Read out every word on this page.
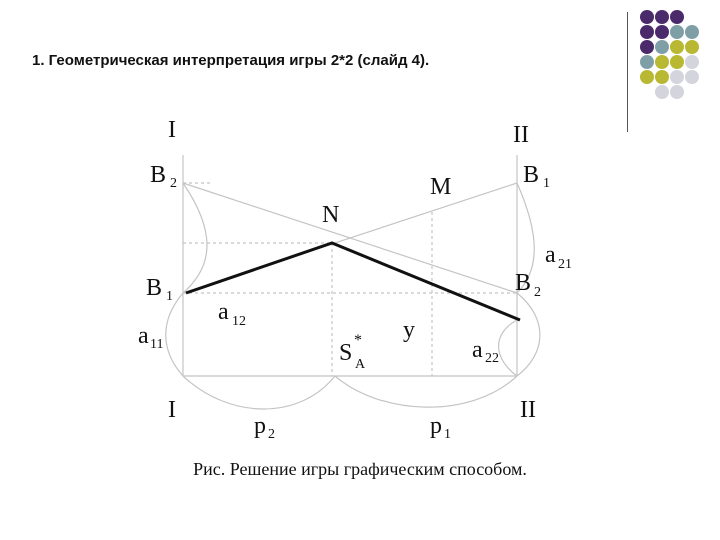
1. Геометрическая интерпретация игры 2*2 (слайд 4).
I	II
I	II
B 2
B 1
B 1
B 2
M
N
y
a 11
a 12
a 21
a 22
S *
A
p 2	p 1
Рис. Решение игры графическим способом.
